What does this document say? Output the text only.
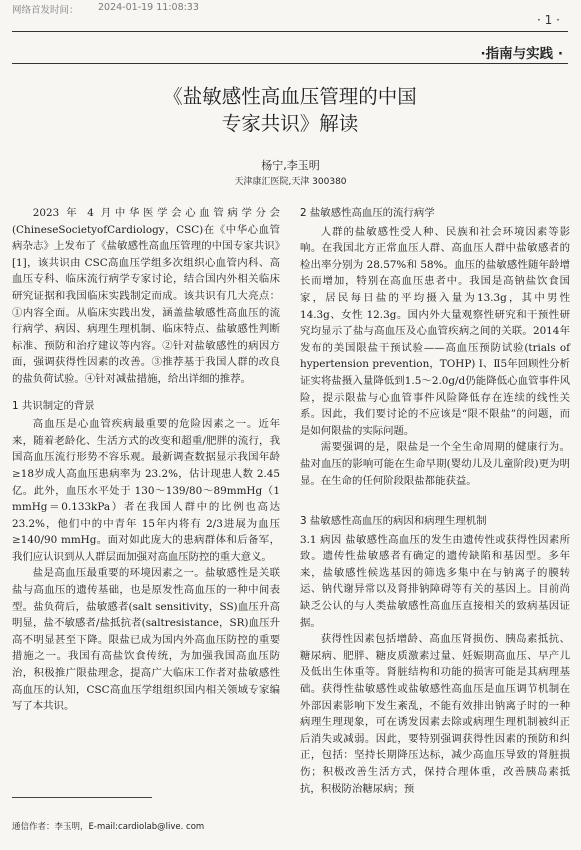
网络首发时间： 2024-01-19 11:08:33
· 1 ·
·指南与实践 ·
《盐敏感性高血压管理的中国
专家共识》解读
杨宁,李玉明
天津康汇医院,天津 300380

2023 年 4 月中华医学会心血管病学分会(ChineseSocietyofCardiology，CSC)在《中华心血管病杂志》上发布了《盐敏感性高血压管理的中国专家共识》[1]，该共识由 CSC高血压学组多次组织心血管内科、高血压专科、临床流行病学专家讨论，结合国内外相关临床研究证据和我国临床实践制定而成。该共识有几大亮点：①内容全面。从临床实践出发，涵盖盐敏感性高血压的流行病学、病因、病理生理机制、临床特点、盐敏感性判断标准、预防和治疗建议等内容。②针对盐敏感性的病因方面，强调获得性因素的改善。③推荐基于我国人群的改良的盐负荷试验。④针对减盐措施，给出详细的推荐。

1 共识制定的背景

高血压是心血管疾病最重要的危险因素之一。近年来，随着老龄化、生活方式的改变和超重/肥胖的流行，我国高血压流行形势不容乐观。最新调查数据显示我国年龄≥18岁成人高血压患病率为 23.2%，估计现患人数 2.45亿。此外，血压水平处于 130～139/80～89mmHg（1 mmHg＝0.133kPa）者在我国人群中的比例也高达 23.2%，他们中的中青年 15年内将有 2/3进展为血压≥140/90 mmHg。面对如此庞大的患病群体和后备军，我们应认识到从人群层面加强对高血压防控的重大意义。

盐是高血压最重要的环境因素之一。盐敏感性是关联盐与高血压的遗传基础，也是原发性高血压的一种中间表型。盐负荷后，盐敏感者(salt sensitivity，SS)血压升高明显，盐不敏感者/盐抵抗者(saltresistance，SR)血压升高不明显甚至下降。限盐已成为国内外高血压防控的重要措施之一。我国有高盐饮食传统，为加强我国高血压防治，积极推广限盐理念，提高广大临床工作者对盐敏感性高血压的认知，CSC高血压学组组织国内相关领域专家编写了本共识。

2 盐敏感性高血压的流行病学

人群的盐敏感性受人种、民族和社会环境因素等影响。在我国北方正常血压人群、高血压人群中盐敏感者的检出率分别为 28.57%和 58%。血压的盐敏感性随年龄增长而增加，特别在高血压患者中。我国是高钠盐饮食国家，居民每日盐的平均摄入量为13.3g，其中男性 14.3g、女性 12.3g。国内外大量观察性研究和干预性研究均显示了盐与高血压及心血管疾病之间的关联。2014年发布的美国限盐干预试验——高血压预防试验(trials of hypertension prevention，TOHP) Ⅰ、Ⅱ5年回顾性分析证实将盐摄入量降低到1.5～2.0g/d仍能降低心血管事件风险，提示限盐与心血管事件风险降低存在连续的线性关系。因此，我们要讨论的不应该是“限不限盐”的问题，而是如何限盐的实际问题。

需要强调的是，限盐是一个全生命周期的健康行为。盐对血压的影响可能在生命早期(婴幼儿及儿童阶段)更为明显。在生命的任何阶段限盐都能获益。

3 盐敏感性高血压的病因和病理生理机制

3.1 病因 盐敏感性高血压的发生由遗传性或获得性因素所致。遗传性盐敏感者有确定的遗传缺陷和基因型。多年来，盐敏感性候选基因的筛选多集中在与钠离子的膜转运、钠代谢异常以及肾排钠障碍等有关的基因上。目前尚缺乏公认的与人类盐敏感性高血压直接相关的致病基因证据。

获得性因素包括增龄、高血压肾损伤、胰岛素抵抗、糖尿病、肥胖、糖皮质激素过量、妊娠期高血压、早产儿及低出生体重等。肾脏结构和功能的损害可能是其病理基础。获得性盐敏感性或盐敏感性高血压是血压调节机制在外部因素影响下发生紊乱，不能有效排出钠离子时的一种病理生理现象，可在诱发因素去除或病理生理机制被纠正后消失或减弱。因此，要特别强调获得性因素的预防和纠正，包括：坚持长期降压达标，减少高血压导致的肾脏损伤；积极改善生活方式，保持合理体重，改善胰岛素抵抗，积极防治糖尿病；预

通信作者：李玉明，E-mail:cardiolab@live. com
